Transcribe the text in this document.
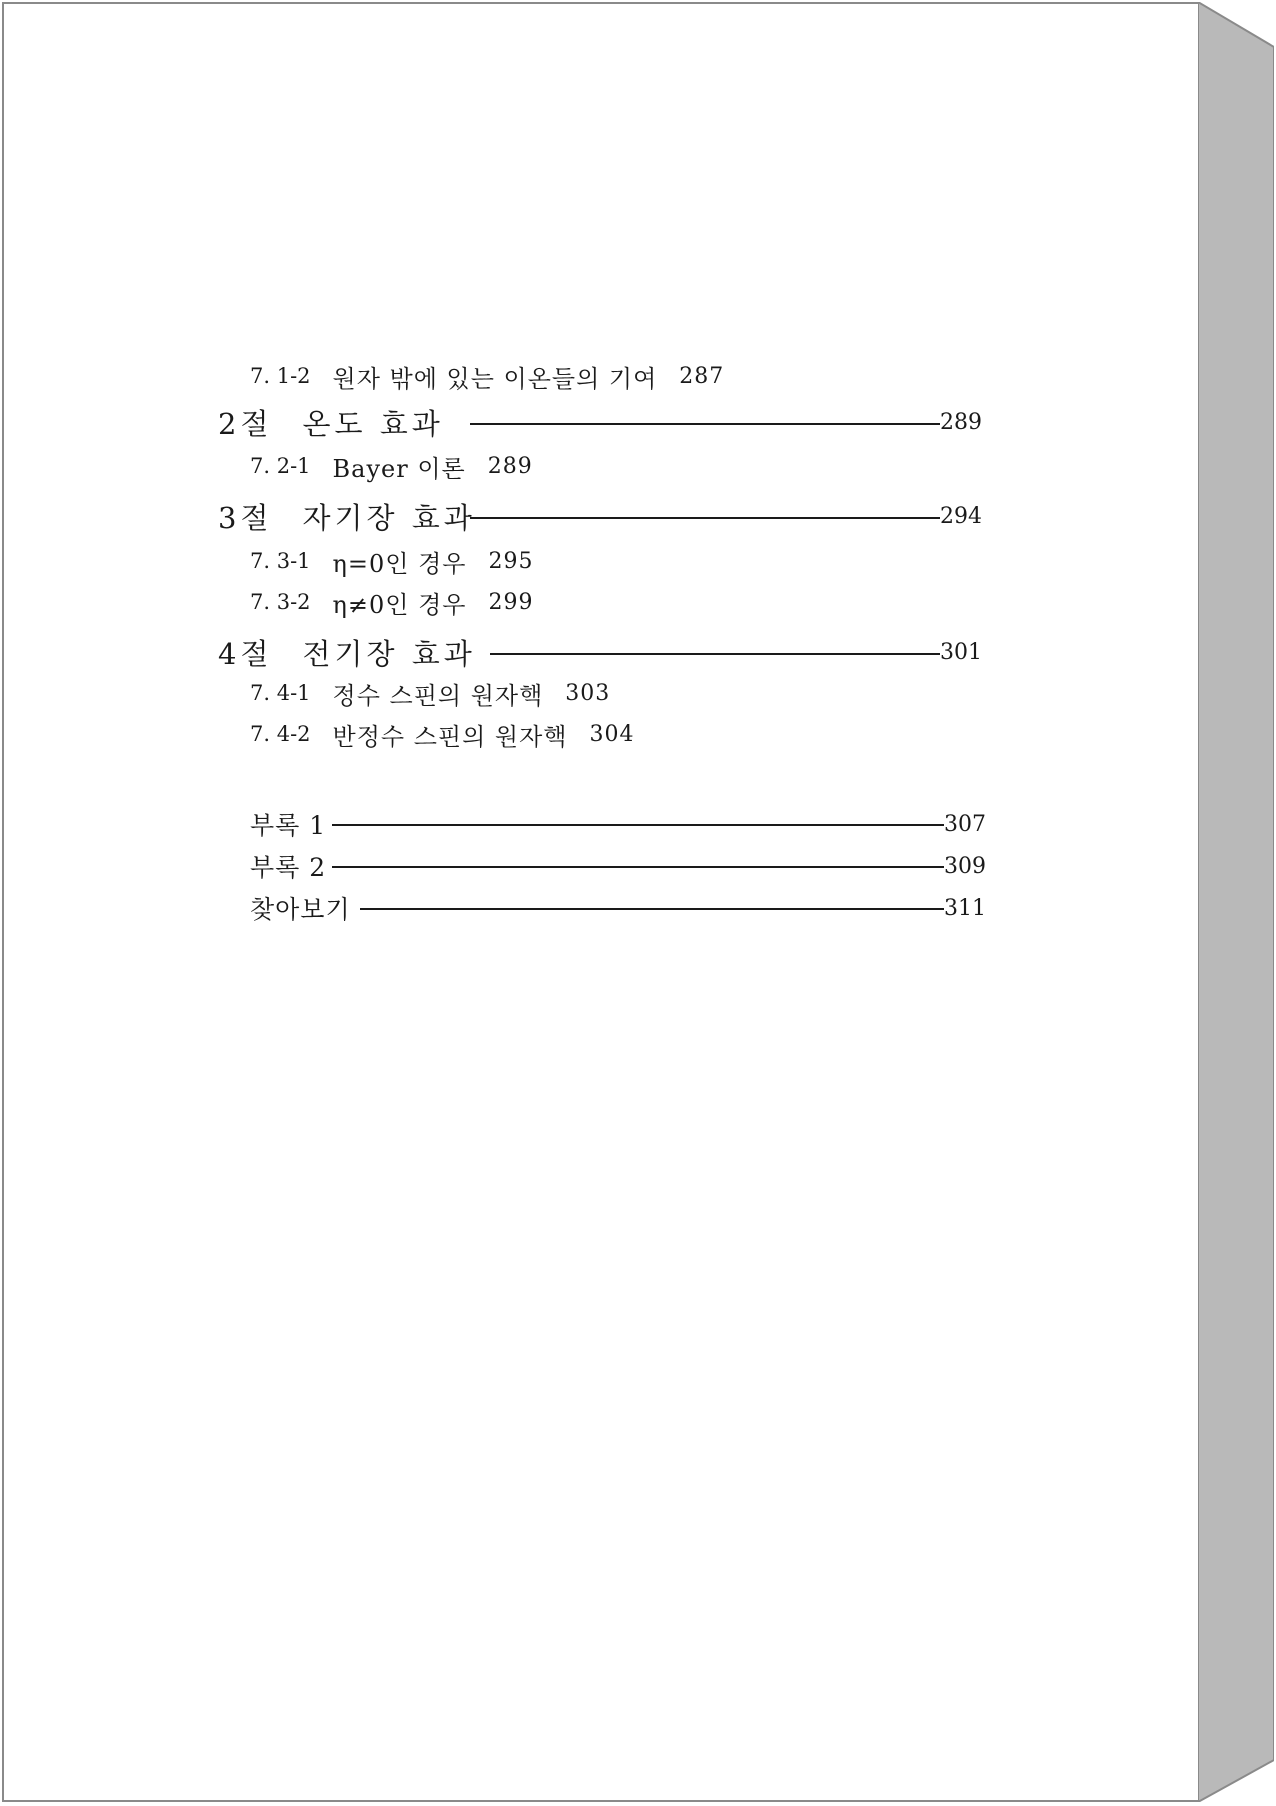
7. 1-2 원자 밖에 있는 이온들의 기여 287
2절 온도 효과	289
7. 2-1 Bayer 이론 289
3절 자기장 효과	294
7. 3-1 η=0인 경우 295
7. 3-2 η≠0인 경우 299
4절 전기장 효과	301
7. 4-1 정수 스핀의 원자핵 303
7. 4-2 반정수 스핀의 원자핵 304
부록 1	307
부록 2	309
찾아보기	311
